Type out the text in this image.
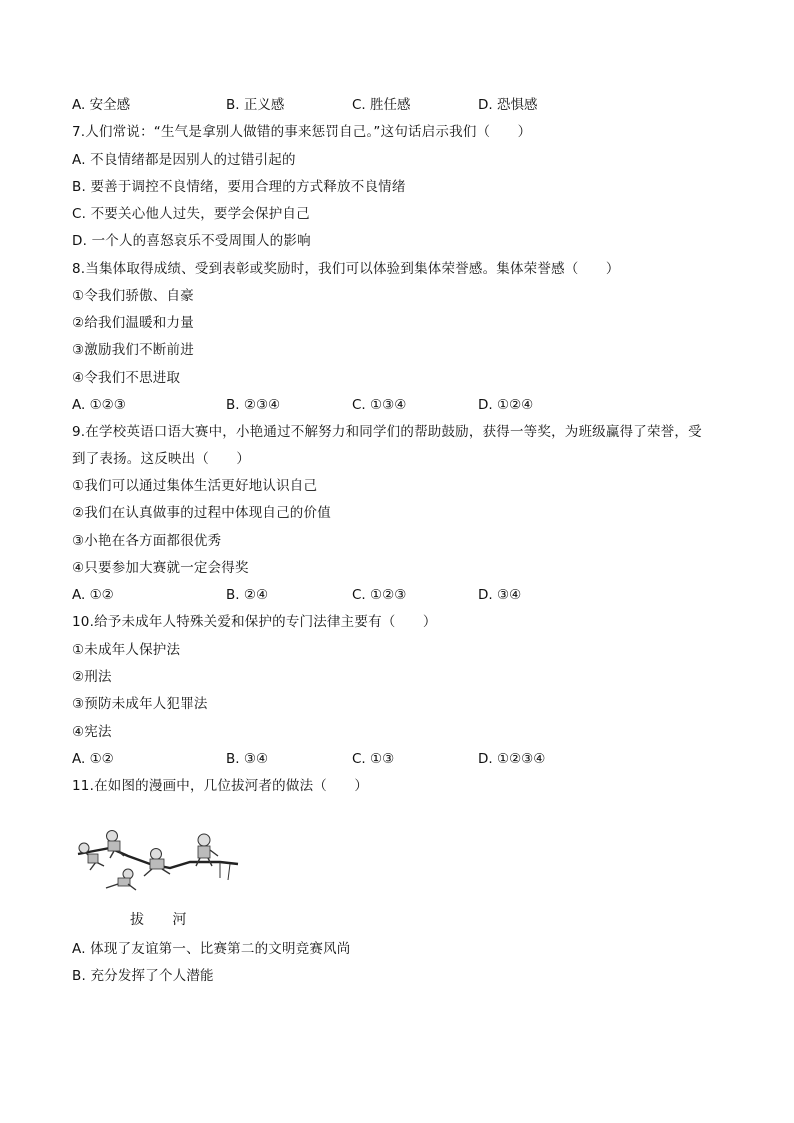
A. 安全感	B. 正义感	C. 胜任感	D. 恐惧感
7.人们常说：“生气是拿别人做错的事来惩罚自己。”这句话启示我们（　　）
A. 不良情绪都是因别人的过错引起的
B. 要善于调控不良情绪，要用合理的方式释放不良情绪
C. 不要关心他人过失，要学会保护自己
D. 一个人的喜怒哀乐不受周围人的影响
8.当集体取得成绩、受到表彰或奖励时，我们可以体验到集体荣誉感。集体荣誉感（　　）
①令我们骄傲、自豪
②给我们温暖和力量
③激励我们不断前进
④令我们不思进取
A. ①②③	B. ②③④	C. ①③④	D. ①②④
9.在学校英语口语大赛中，小艳通过不解努力和同学们的帮助鼓励，获得一等奖，为班级赢得了荣誉，受
到了表扬。这反映出（　　）
①我们可以通过集体生活更好地认识自己
②我们在认真做事的过程中体现自己的价值
③小艳在各方面都很优秀
④只要参加大赛就一定会得奖
A. ①②	B. ②④	C. ①②③	D. ③④
10.给予未成年人特殊关爱和保护的专门法律主要有（　　）
①未成年人保护法
②刑法
③预防未成年人犯罪法
④宪法
A. ①②	B. ③④	C. ①③	D. ①②③④
11.在如图的漫画中，几位拔河者的做法（　　）
拔 河
A. 体现了友谊第一、比赛第二的文明竞赛风尚
B. 充分发挥了个人潜能
